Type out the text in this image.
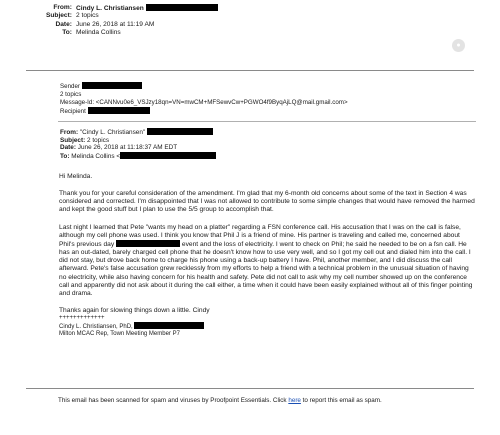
From: Cindy L. Christiansen
Subject: 2 topics
Date: June 26, 2018 at 11:19 AM
To: Melinda Collins
●
Sender
2 topics
Message-Id: <CANNvu0e6_VSJzy18qn=VN=mwCM+MFSewvCw+PGWO4f9ByqAjLQ@mail.gmail.com>
Recipient
From: "Cindy L. Christiansen"
Subject: 2 topics
Date: June 26, 2018 at 11:18:37 AM EDT
To: Melinda Collins <

Hi Melinda.

Thank you for your careful consideration of the amendment. I'm glad that my 6-month old concerns about some of the text in Section 4 was considered and corrected. I'm disappointed that I was not allowed to contribute to some simple changes that would have removed the harmed and kept the good stuff but I plan to use the 5/5 group to accomplish that.

Last night I learned that Pete "wants my head on a platter" regarding a FSN conference call. His accusation that I was on the call is false, although my cell phone was used. I think you know that Phil J is a friend of mine. His partner is traveling and called me, concerned about Phil's previous day	event and the loss of electricity. I went to check on Phil; he said he needed to be on a fsn call. He has an out-dated, barely charged cell phone that he doesn't know how to use very well, and so I got my cell out and dialed him into the call. I did not stay, but drove back home to charge his phone using a back-up battery I have. Phil, another member, and I did discuss the call afterward. Pete's false accusation grew recklessly from my efforts to help a friend with a technical problem in the unusual situation of having no electricity, while also having concern for his health and safety. Pete did not call to ask why my cell number showed up on the conference call and apparently did not ask about it during the call either, a time when it could have been easily explained without all of this finger pointing and drama.

Thanks again for slowing things down a little. Cindy

+++++++++++++
Cindy L. Christiansen, PhD,
Milton MCAC Rep, Town Meeting Member P7
This email has been scanned for spam and viruses by Proofpoint Essentials. Click here to report this email as spam.
